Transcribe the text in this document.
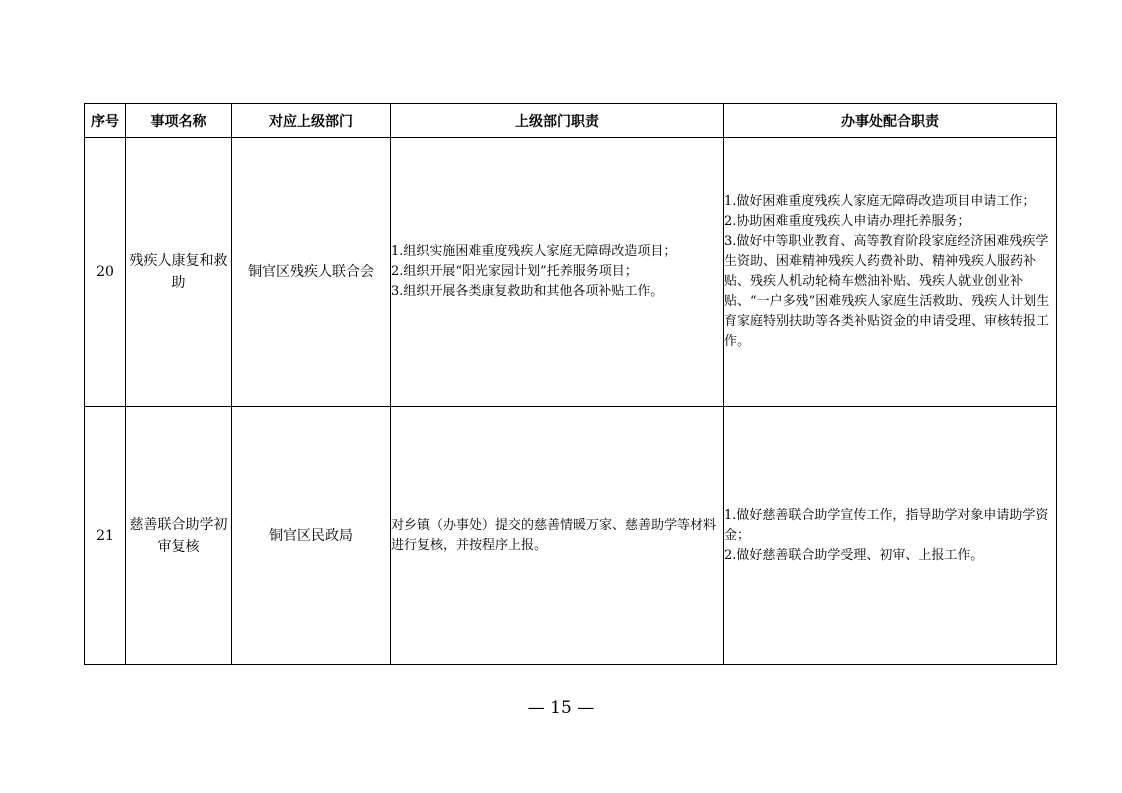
序号	事项名称	对应上级部门	上级部门职责	办事处配合职责
20	残疾人康复和救助	铜官区残疾人联合会	1.组织实施困难重度残疾人家庭无障碍改造项目；
2.组织开展“阳光家园计划”托养服务项目；
3.组织开展各类康复救助和其他各项补贴工作。	1.做好困难重度残疾人家庭无障碍改造项目申请工作；
2.协助困难重度残疾人申请办理托养服务；
3.做好中等职业教育、高等教育阶段家庭经济困难残疾学生资助、困难精神残疾人药费补助、精神残疾人服药补贴、残疾人机动轮椅车燃油补贴、残疾人就业创业补贴、“一户多残”困难残疾人家庭生活救助、残疾人计划生育家庭特别扶助等各类补贴资金的申请受理、审核转报工作。

21	慈善联合助学初审复核	铜官区民政局	对乡镇（办事处）提交的慈善情暖万家、慈善助学等材料进行复核，并按程序上报。	1.做好慈善联合助学宣传工作，指导助学对象申请助学资金；
2.做好慈善联合助学受理、初审、上报工作。
— 15 —
